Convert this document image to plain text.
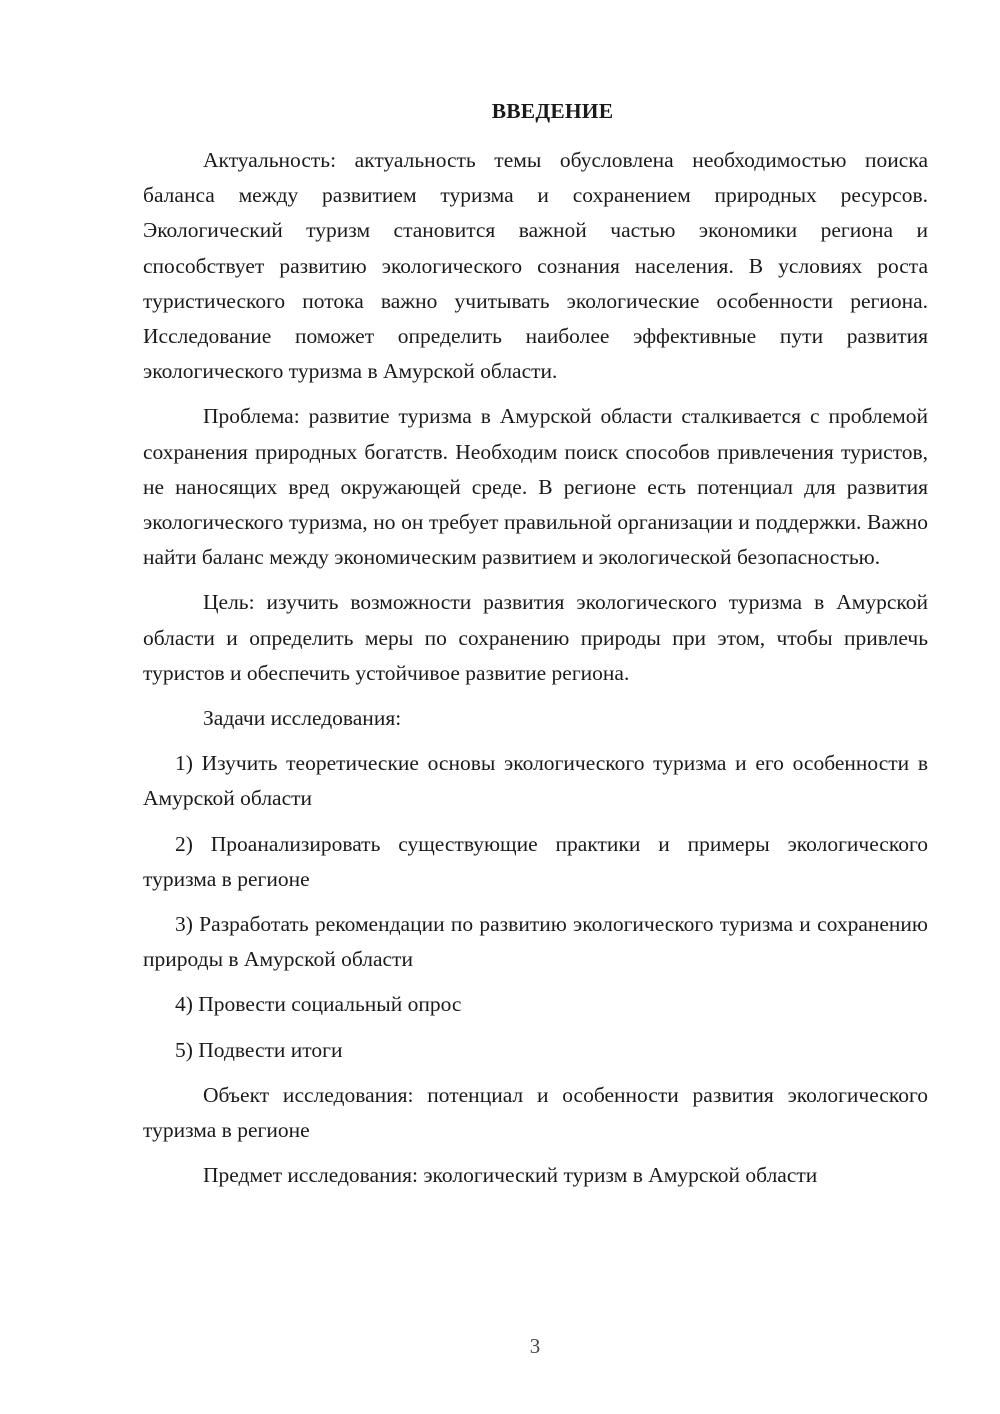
ВВЕДЕНИЕ

Актуальность: актуальность темы обусловлена необходимостью поиска баланса между развитием туризма и сохранением природных ресурсов. Экологический туризм становится важной частью экономики региона и способствует развитию экологического сознания населения. В условиях роста туристического потока важно учитывать экологические особенности региона. Исследование поможет определить наиболее эффективные пути развития экологического туризма в Амурской области.

Проблема: развитие туризма в Амурской области сталкивается с проблемой сохранения природных богатств. Необходим поиск способов привлечения туристов, не наносящих вред окружающей среде. В регионе есть потенциал для развития экологического туризма, но он требует правильной организации и поддержки. Важно найти баланс между экономическим развитием и экологической безопасностью.

Цель: изучить возможности развития экологического туризма в Амурской области и определить меры по сохранению природы при этом, чтобы привлечь туристов и обеспечить устойчивое развитие региона.

Задачи исследования:

1) Изучить теоретические основы экологического туризма и его особенности в Амурской области

2) Проанализировать существующие практики и примеры экологического туризма в регионе

3) Разработать рекомендации по развитию экологического туризма и сохранению природы в Амурской области

4) Провести социальный опрос

5) Подвести итоги

Объект исследования: потенциал и особенности развития экологического туризма в регионе

Предмет исследования: экологический туризм в Амурской области

3
